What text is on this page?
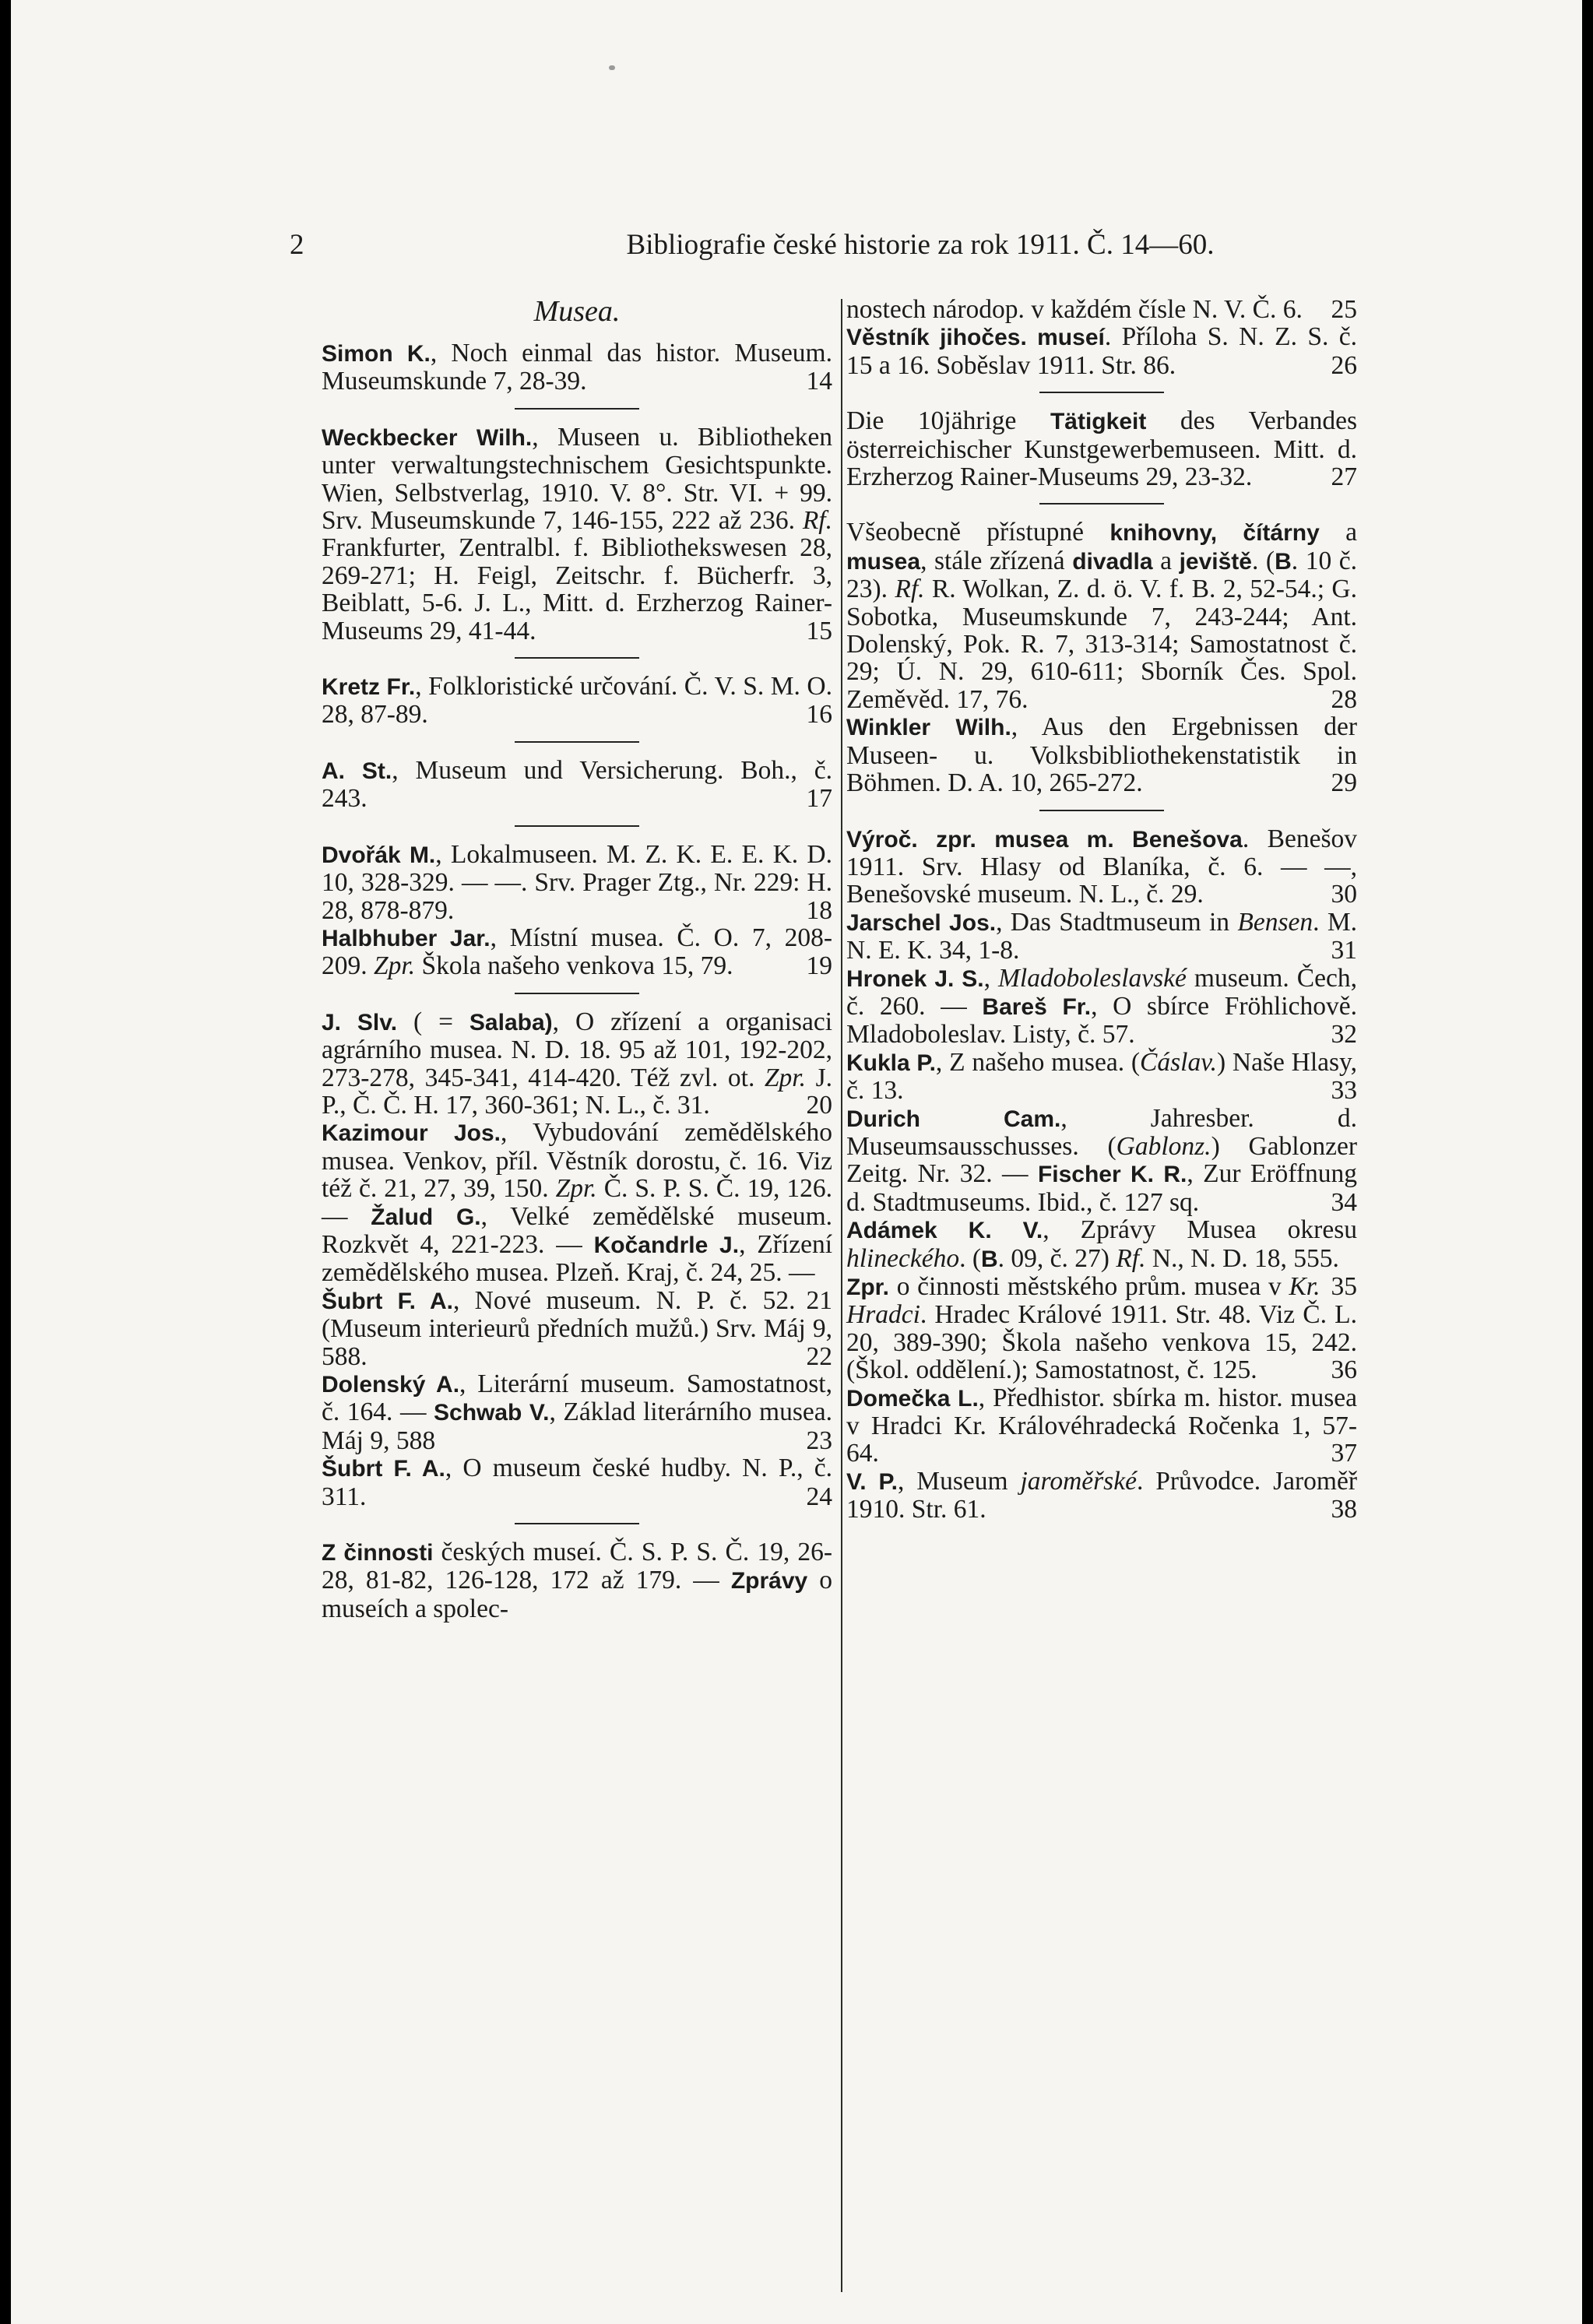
2	Bibliografie české historie za rok 1911. Č. 14—60.
Musea.

Simon K., Noch einmal das histor. Museum. Museumskunde 7, 28-39. 	14

Weckbecker Wilh., Museen u. Bibliotheken unter verwaltungstechnischem Gesichtspunkte. Wien, Selbstverlag, 1910. V. 8°. Str. VI. + 99. Srv. Museumskunde 7, 146-155, 222 až 236. Rf. Frankfurter, Zentralbl. f. Bibliothekswesen 28, 269-271; H. Feigl, Zeitschr. f. Bücherfr. 3, Beiblatt, 5-6. J. L., Mitt. d. Erzherzog Rainer-Museums 29, 41-44. 	15

Kretz Fr., Folkloristické určování. Č. V. S. M. O. 28, 87-89. 	16

A. St., Museum und Versicherung. Boh., č. 243. 	17

Dvořák M., Lokalmuseen. M. Z. K. E. E. K. D. 10, 328-329. — —. Srv. Prager Ztg., Nr. 229: H. 28, 878-879. 	18

Halbhuber Jar., Místní musea. Č. O. 7, 208-209. Zpr. Škola našeho venkova 15, 79. 	19

J. Slv. ( = Salaba), O zřízení a organisaci agrárního musea. N. D. 18. 95 až 101, 192-202, 273-278, 345-341, 414-420. Též zvl. ot. Zpr. J. P., Č. Č. H. 17, 360-361; N. L., č. 31. 	20

Kazimour Jos., Vybudování zemědělského musea. Venkov, příl. Věstník dorostu, č. 16. Viz též č. 21, 27, 39, 150. Zpr. Č. S. P. S. Č. 19, 126. — Žalud G., Velké zemědělské museum. Rozkvět 4, 221-223. — Kočandrle J., Zřízení zemědělského musea. Plzeň. Kraj, č. 24, 25. — 
21

Šubrt F. A., Nové museum. N. P. č. 52. (Museum interieurů předních mužů.) Srv. Máj 9, 588. 	22

Dolenský A., Literární museum. Samostatnost, č. 164. — Schwab V., Základ literárního musea. Máj 9, 588 	23

Šubrt F. A., O museum české hudby. N. P., č. 311. 	24

Z činnosti českých museí. Č. S. P. S. Č. 19, 26-28, 81-82, 126-128, 172 až 179. — Zprávy o museích a spolec-

nostech národop. v každém čísle N. V. Č. 6. 	25

Věstník jihočes. museí. Příloha S. N. Z. S. č. 15 a 16. Soběslav 1911. Str. 86. 	26

Die 10jährige Tätigkeit des Verbandes österreichischer Kunstgewerbemuseen. Mitt. d. Erzherzog Rainer-Museums 29, 23-32. 	27

Všeobecně přístupné knihovny, čítárny a musea, stále zřízená divadla a jeviště. (B. 10 č. 23). Rf. R. Wolkan, Z. d. ö. V. f. B. 2, 52-54.; G. Sobotka, Museumskunde 7, 243-244; Ant. Dolenský, Pok. R. 7, 313-314; Samostatnost č. 29; Ú. N. 29, 610-611; Sborník Čes. Spol. Zeměvěd. 17, 76. 	28

Winkler Wilh., Aus den Ergebnissen der Museen- u. Volksbibliothekenstatistik in Böhmen. D. A. 10, 265-272. 	29

Výroč. zpr. musea m. Benešova. Benešov 1911. Srv. Hlasy od Blaníka, č. 6. — —, Benešovské museum. N. L., č. 29. 	30

Jarschel Jos., Das Stadtmuseum in Bensen. M. N. E. K. 34, 1-8. 	31

Hronek J. S., Mladoboleslavské museum. Čech, č. 260. — Bareš Fr., O sbírce Fröhlichově. Mladoboleslav. Listy, č. 57. 	32

Kukla P., Z našeho musea. (Čáslav.) Naše Hlasy, č. 13. 	33

Durich Cam., Jahresber. d. Museumsausschusses. (Gablonz.) Gablonzer Zeitg. Nr. 32. — Fischer K. R., Zur Eröffnung d. Stadtmuseums. Ibid., č. 127 sq. 	34

Adámek K. V., Zprávy Musea okresu hlineckého. (B. 09, č. 27) Rf. N., N. D. 18, 555. 
35

Zpr. o činnosti městského prům. musea v Kr. Hradci. Hradec Králové 1911. Str. 48. Viz Č. L. 20, 389-390; Škola našeho venkova 15, 242. (Škol. oddělení.); Samostatnost, č. 125. 	36

Domečka L., Předhistor. sbírka m. histor. musea v Hradci Kr. Královéhradecká Ročenka 1, 57-64. 	37

V. P., Museum jaroměřské. Průvodce. Jaroměř 1910. Str. 61. 	38
